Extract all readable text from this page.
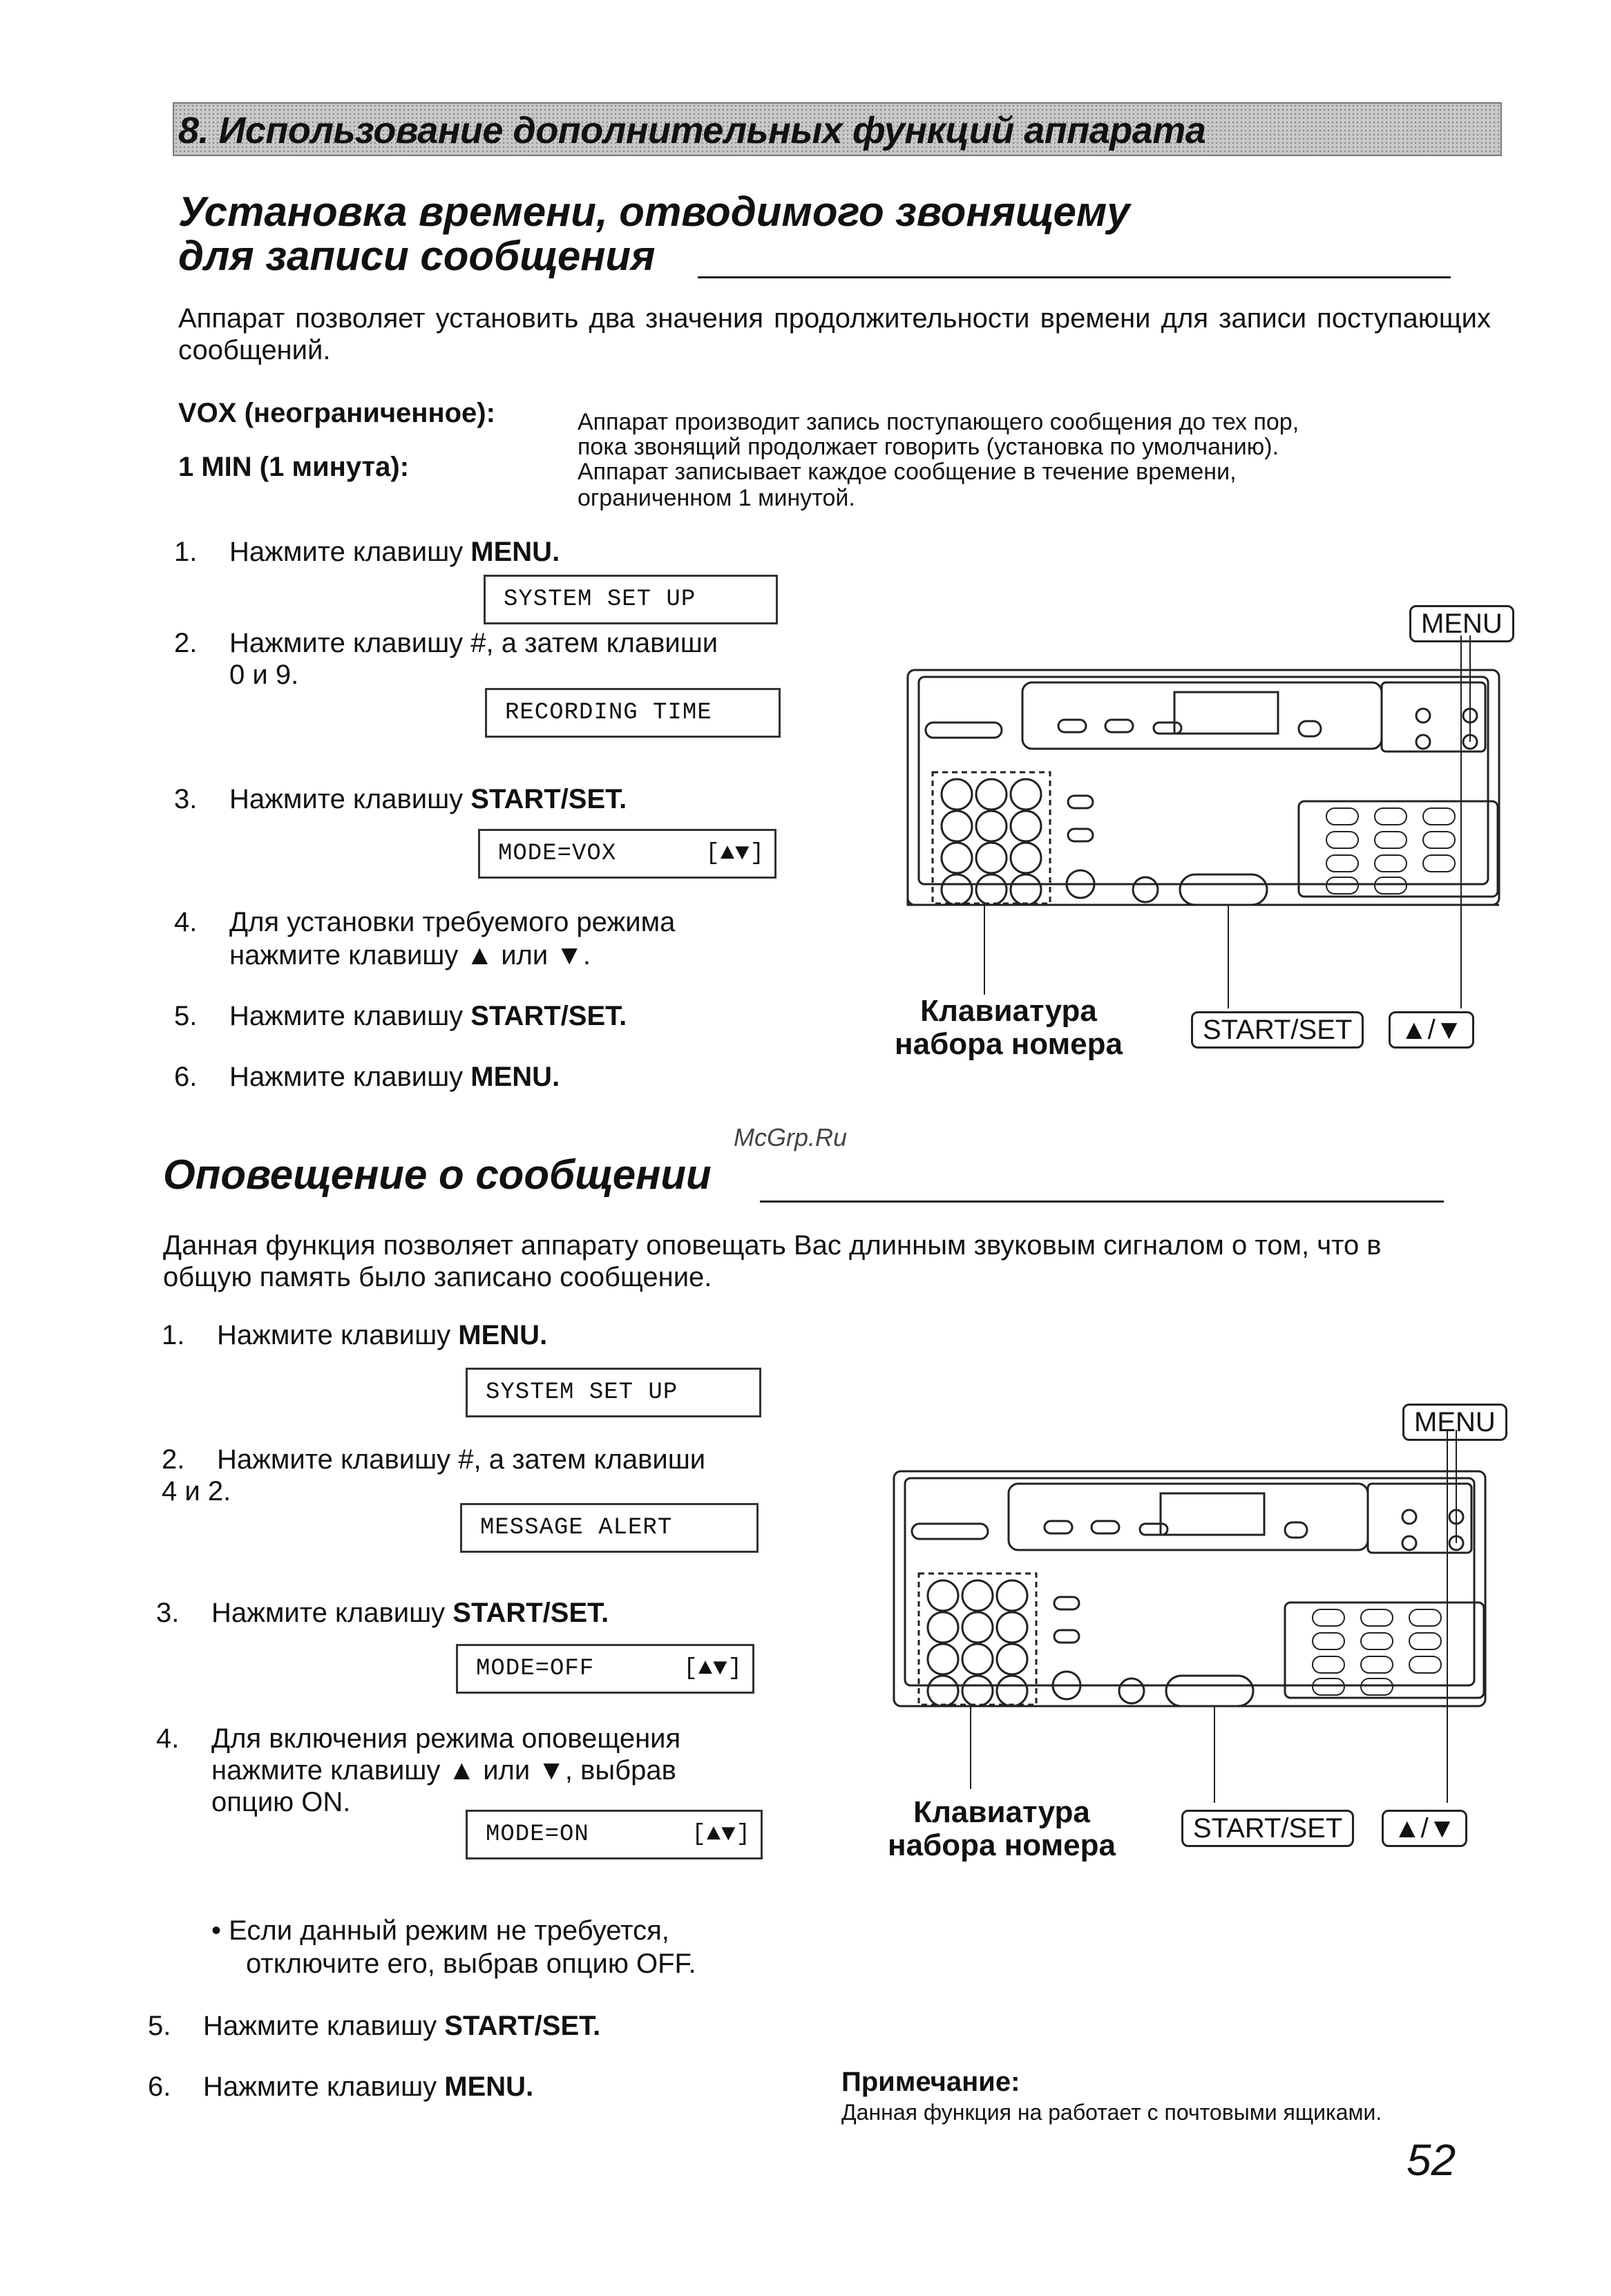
8. Использование дополнительных функций аппарата
Установка времени, отводимого звонящему
для записи сообщения
Аппарат позволяет установить два значения продолжительности времени для записи поступающих сообщений.
VOX (неограниченное):	Аппарат производит запись поступающего сообщения до тех пор,
пока звонящий продолжает говорить (установка по умолчанию).
1 MIN (1 минута):	Аппарат записывает каждое сообщение в течение времени,
ограниченном 1 минутой.
1. Нажмите клавишу MENU.
SYSTEM SET UP
2. Нажмите клавишу #, а затем клавиши
0 и 9.
RECORDING TIME
3. Нажмите клавишу START/SET.
MODE=VOX	[▲▼]
4. Для установки требуемого режима
нажмите клавишу ▲ или ▼.
5. Нажмите клавишу START/SET.
6. Нажмите клавишу MENU.
MENU
Клавиатура
набора номера	START/SET	▲/▼
McGrp.Ru
Оповещение о сообщении
Данная функция позволяет аппарату оповещать Вас длинным звуковым сигналом о том, что в общую память было записано сообщение.
1. Нажмите клавишу MENU.
SYSTEM SET UP
2. Нажмите клавишу #, а затем клавиши
4 и 2.
MESSAGE ALERT
3. Нажмите клавишу START/SET.
MODE=OFF	[▲▼]
4. Для включения режима оповещения
нажмите клавишу ▲ или ▼, выбрав
опцию ON.
MODE=ON	[▲▼]
• Если данный режим не требуется,
отключите его, выбрав опцию OFF.
5. Нажмите клавишу START/SET.
6. Нажмите клавишу MENU.
MENU
Клавиатура
набора номера	START/SET	▲/▼
Примечание:
Данная функция на работает с почтовыми ящиками.
52
